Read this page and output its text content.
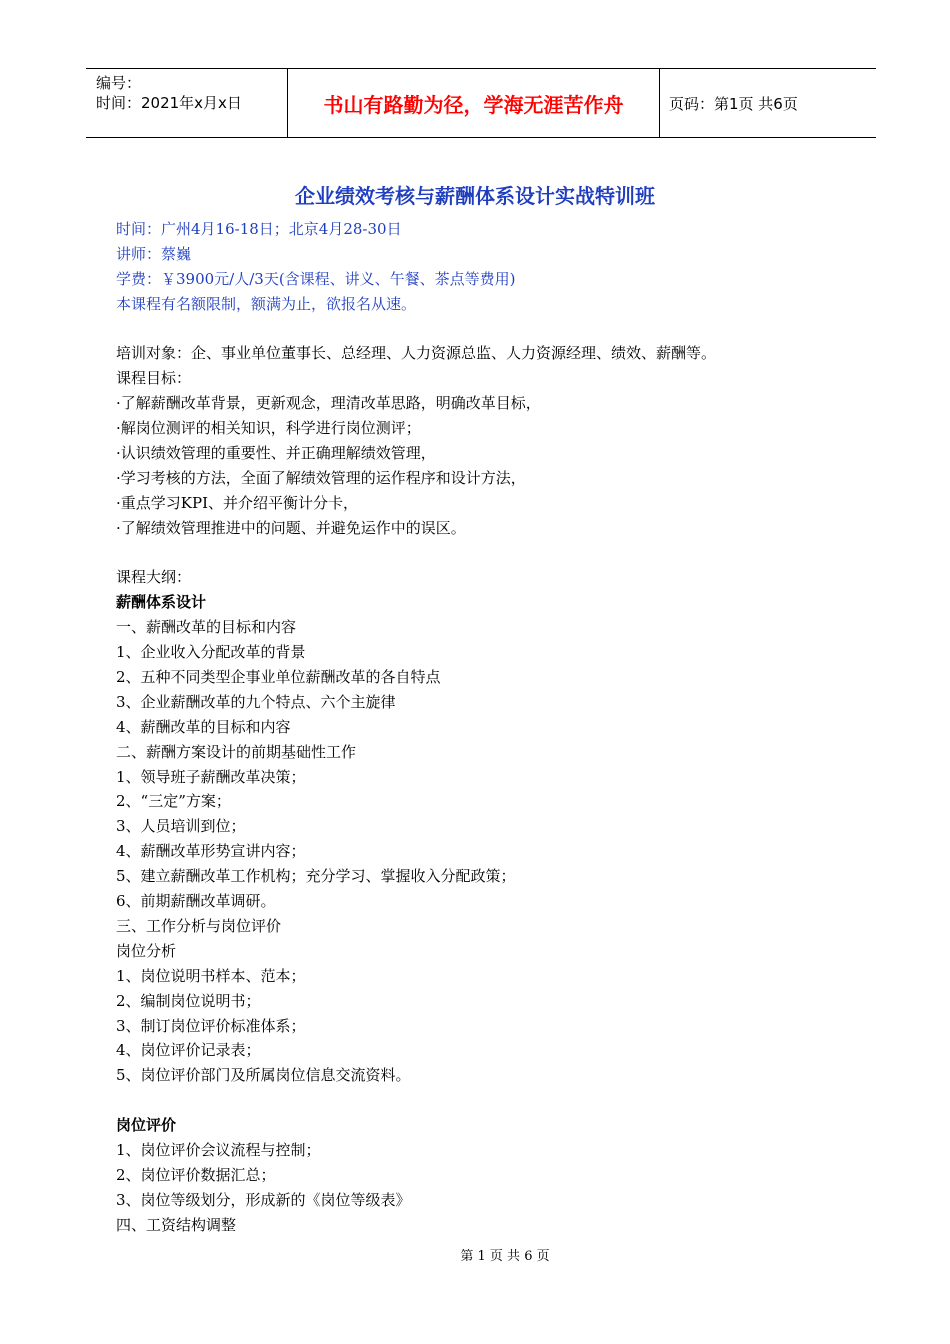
编号：
时间：2021年x月x日	书山有路勤为径，学海无涯苦作舟	页码：第1页 共6页
企业绩效考核与薪酬体系设计实战特训班
时间：广州4月16-18日；北京4月28-30日
讲师：蔡巍
学费：￥3900元/人/3天(含课程、讲义、午餐、茶点等费用)
本课程有名额限制，额满为止，欲报名从速。
培训对象：企、事业单位董事长、总经理、人力资源总监、人力资源经理、绩效、薪酬等。
课程目标：
·了解薪酬改革背景，更新观念，理清改革思路，明确改革目标，
·解岗位测评的相关知识，科学进行岗位测评；
·认识绩效管理的重要性、并正确理解绩效管理，
·学习考核的方法，全面了解绩效管理的运作程序和设计方法，
·重点学习KPI、并介绍平衡计分卡，
·了解绩效管理推进中的问题、并避免运作中的误区。
课程大纲：
薪酬体系设计
一、薪酬改革的目标和内容
1、企业收入分配改革的背景
2、五种不同类型企事业单位薪酬改革的各自特点
3、企业薪酬改革的九个特点、六个主旋律
4、薪酬改革的目标和内容
二、薪酬方案设计的前期基础性工作
1、领导班子薪酬改革决策；
2、“三定”方案；
3、人员培训到位；
4、薪酬改革形势宣讲内容；
5、建立薪酬改革工作机构；充分学习、掌握收入分配政策；
6、前期薪酬改革调研。
三、工作分析与岗位评价
岗位分析
1、岗位说明书样本、范本；
2、编制岗位说明书；
3、制订岗位评价标准体系；
4、岗位评价记录表；
5、岗位评价部门及所属岗位信息交流资料。
岗位评价
1、岗位评价会议流程与控制；
2、岗位评价数据汇总；
3、岗位等级划分，形成新的《岗位等级表》
四、工资结构调整
第 1 页 共 6 页
